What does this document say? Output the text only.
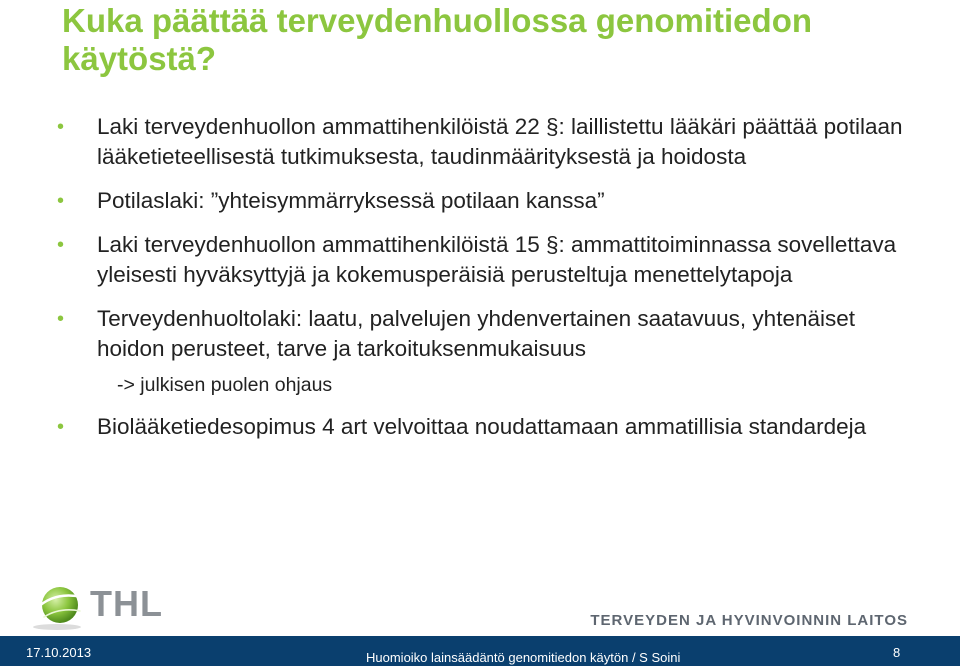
Kuka päättää terveydenhuollossa genomitiedon käytöstä?
• Laki terveydenhuollon ammattihenkilöistä 22 §: laillistettu lääkäri päättää potilaan lääketieteellisestä tutkimuksesta, taudinmäärityksestä ja hoidosta
• Potilaslaki: ”yhteisymmärryksessä potilaan kanssa”
• Laki terveydenhuollon ammattihenkilöistä 15 §: ammattitoiminnassa sovellettava yleisesti hyväksyttyjä ja kokemusperäisiä perusteltuja menettelytapoja
• Terveydenhuoltolaki: laatu, palvelujen yhdenvertainen saatavuus, yhtenäiset hoidon perusteet, tarve ja tarkoituksenmukaisuus
-> julkisen puolen ohjaus
• Biolääketiedesopimus 4 art velvoittaa noudattamaan ammatillisia standardeja
THL	TERVEYDEN JA HYVINVOINNIN LAITOS
17.10.2013	Huomioiko lainsäädäntö genomitiedon käytön / S Soini	8
